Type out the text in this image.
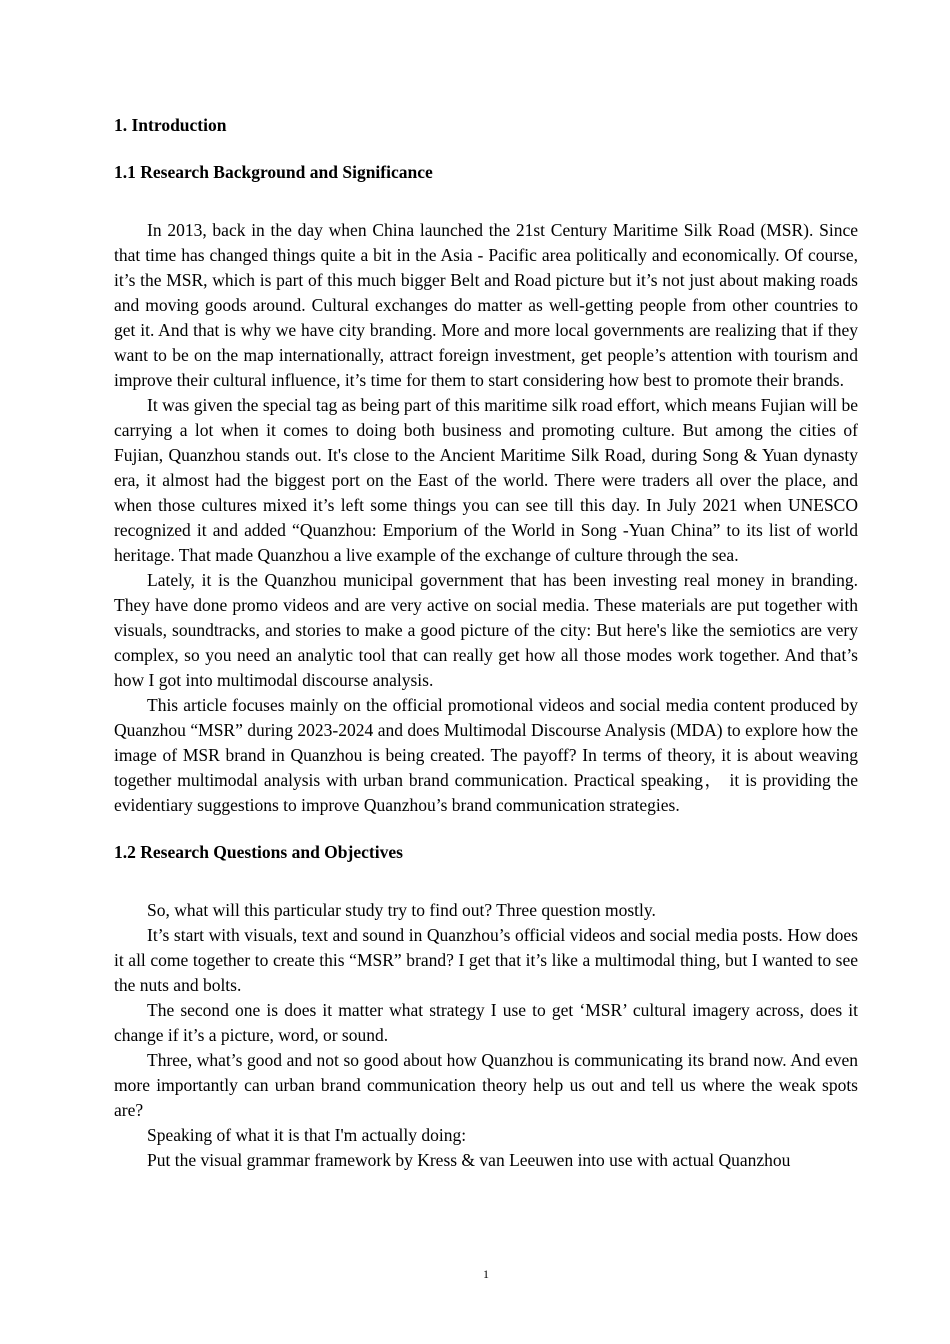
1. Introduction

1.1 Research Background and Significance

In 2013, back in the day when China launched the 21st Century Maritime Silk Road (MSR). Since that time has changed things quite a bit in the Asia - Pacific area politically and economically. Of course, it’s the MSR, which is part of this much bigger Belt and Road picture but it’s not just about making roads and moving goods around. Cultural exchanges do matter as well-getting people from other countries to get it. And that is why we have city branding. More and more local governments are realizing that if they want to be on the map internationally, attract foreign investment, get people’s attention with tourism and improve their cultural influence, it’s time for them to start considering how best to promote their brands.

It was given the special tag as being part of this maritime silk road effort, which means Fujian will be carrying a lot when it comes to doing both business and promoting culture. But among the cities of Fujian, Quanzhou stands out. It's close to the Ancient Maritime Silk Road, during Song & Yuan dynasty era, it almost had the biggest port on the East of the world. There were traders all over the place, and when those cultures mixed it’s left some things you can see till this day. In July 2021 when UNESCO recognized it and added “Quanzhou: Emporium of the World in Song -Yuan China” to its list of world heritage. That made Quanzhou a live example of the exchange of culture through the sea.

Lately, it is the Quanzhou municipal government that has been investing real money in branding. They have done promo videos and are very active on social media. These materials are put together with visuals, soundtracks, and stories to make a good picture of the city: But here's like the semiotics are very complex, so you need an analytic tool that can really get how all those modes work together. And that’s how I got into multimodal discourse analysis.

This article focuses mainly on the official promotional videos and social media content produced by Quanzhou “MSR” during 2023-2024 and does Multimodal Discourse Analysis (MDA) to explore how the image of MSR brand in Quanzhou is being created. The payoff? In terms of theory, it is about weaving together multimodal analysis with urban brand communication. Practical speaking， it is providing the evidentiary suggestions to improve Quanzhou’s brand communication strategies.

1.2 Research Questions and Objectives

So, what will this particular study try to find out? Three question mostly.

It’s start with visuals, text and sound in Quanzhou’s official videos and social media posts. How does it all come together to create this “MSR” brand? I get that it’s like a multimodal thing, but I wanted to see the nuts and bolts.

The second one is does it matter what strategy I use to get ‘MSR’ cultural imagery across, does it change if it’s a picture, word, or sound.

Three, what’s good and not so good about how Quanzhou is communicating its brand now. And even more importantly can urban brand communication theory help us out and tell us where the weak spots are?

Speaking of what it is that I'm actually doing:

Put the visual grammar framework by Kress & van Leeuwen into use with actual Quanzhou

1
